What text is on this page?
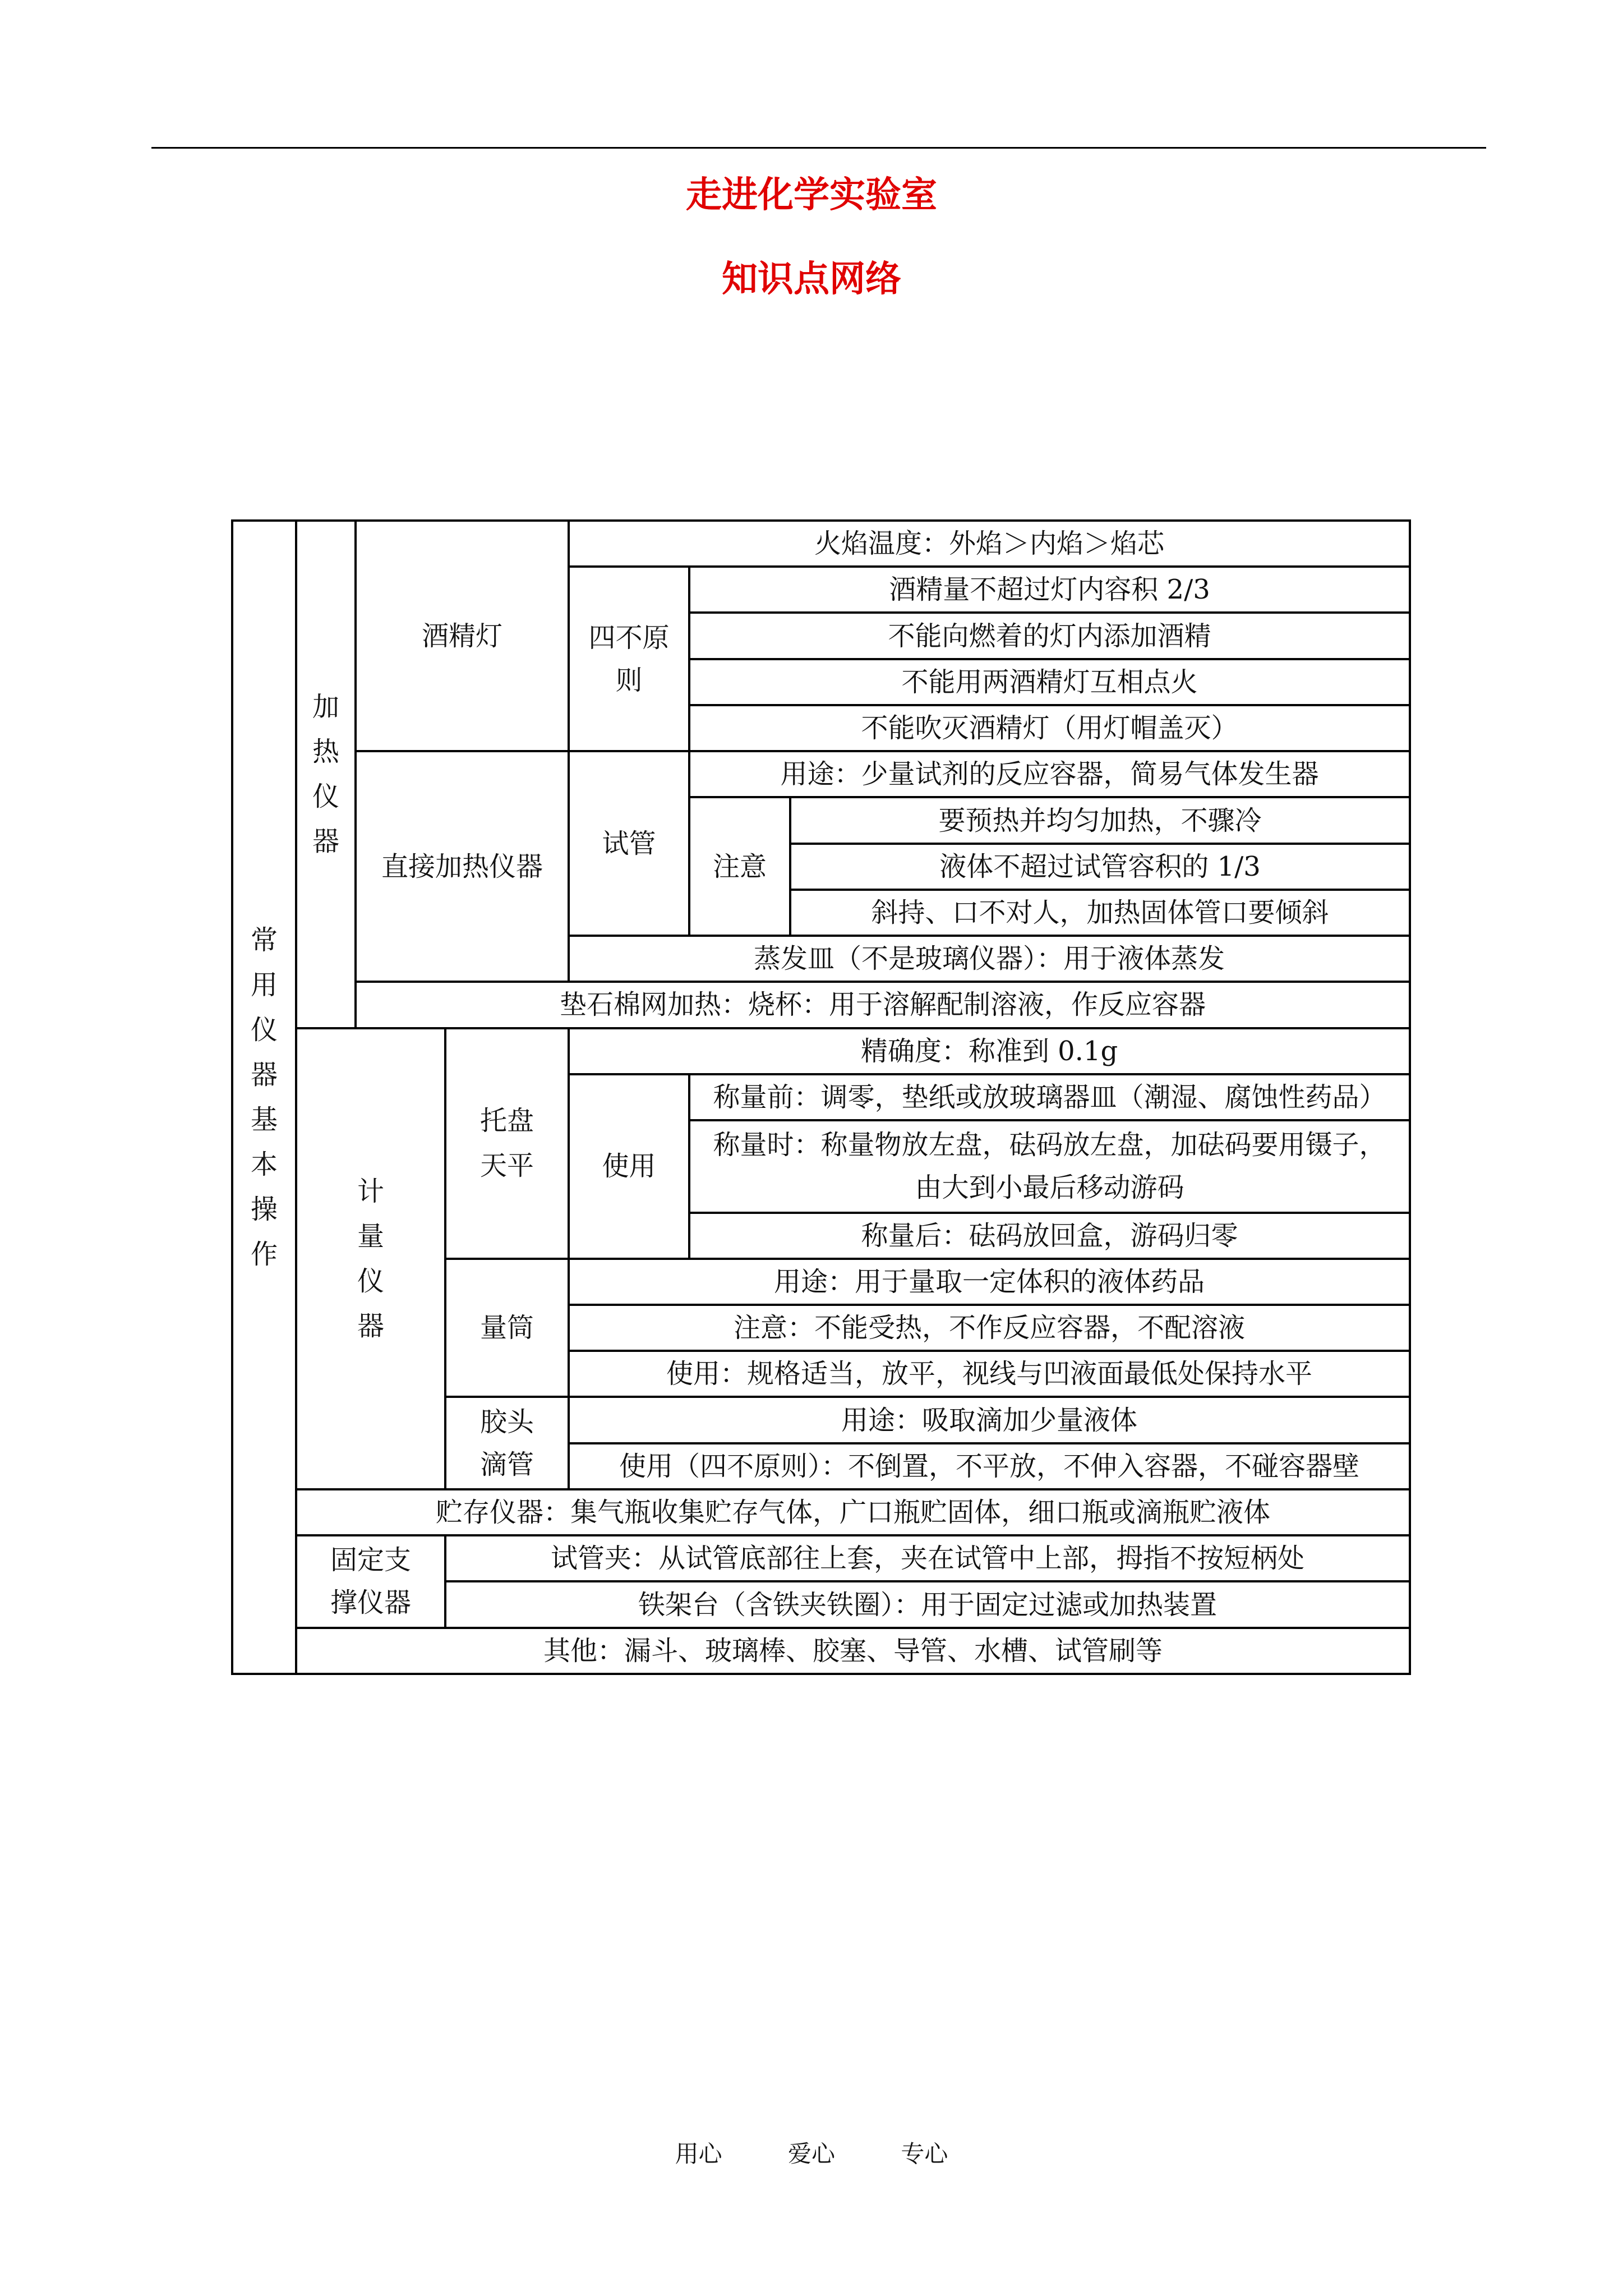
走进化学实验室
知识点网络
常用仪器基本操作	加热仪器	酒精灯		火焰温度：外焰＞内焰＞焰芯		
				四不原则	酒精量不超过灯内容积 2/3	
					不能向燃着的灯内添加酒精	
					不能用两酒精灯互相点火	
					不能吹灭酒精灯（用灯帽盖灭）	
		直接加热仪器		试管	用途：少量试剂的反应容器，简易气体发生器	
					注意	要预热并均匀加热，不骤冷
						液体不超过试管容积的 1/3
						斜持、口不对人，加热固体管口要倾斜
				蒸发皿（不是玻璃仪器）：用于液体蒸发		
		垫石棉网加热：烧杯：用于溶解配制溶液，作反应容器				

	计量仪器		托盘天平	精确度：称准到 0.1g		
				使用	称量前：调零，垫纸或放玻璃器皿（潮湿、腐蚀性药品）	

					称量时：称量物放左盘，砝码放左盘，加砝码要用镊子，
由大到小最后移动游码	

					称量后：砝码放回盒，游码归零	
			量筒	用途：用于量取一定体积的液体药品		
				注意：不能受热，不作反应容器，不配溶液		
				使用：规格适当，放平，视线与凹液面最低处保持水平		

			胶头
滴管	用途：吸取滴加少量液体		
				使用（四不原则）：不倒置，不平放，不伸入容器，不碰容器壁		
	贮存仪器：集气瓶收集贮存气体，广口瓶贮固体，细口瓶或滴瓶贮液体					

	固定支
撑仪器		试管夹：从试管底部往上套，夹在试管中上部，拇指不按短柄处			
			铁架台（含铁夹铁圈）：用于固定过滤或加热装置			
	其他：漏斗、玻璃棒、胶塞、导管、水槽、试管刷等					
用心	爱心	专心
